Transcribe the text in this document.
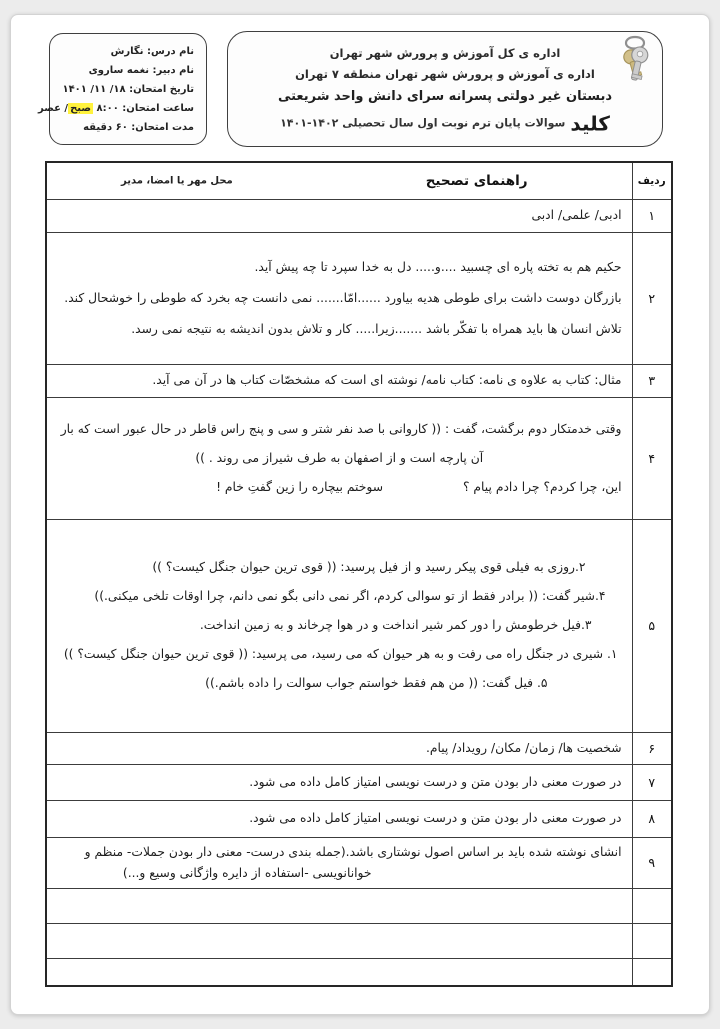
اداره ی کل آموزش و پرورش شهر تهران
اداره ی آموزش و پرورش شهر تهران منطقه ۷ تهران
دبستان غیر دولتی پسرانه سرای دانش واحد شریعتی
کلید سوالات پایان ترم نوبت اول سال تحصیلی ۱۴۰۲-۱۴۰۱
نام درس: نگارش
نام دبیر: نغمه ساروی
تاریخ امتحان: ۱۸/ ۱۱/ ۱۴۰۱
ساعت امتحان: ۸:۰۰ صبح/ عصر
مدت امتحان: ۶۰ دقیقه
ردیف	راهنمای تصحیح
محل مهر یا امضا، مدیر

۱	ادبی/ علمی/ ادبی

۲	حکیم هم به تخته پاره ای چسبید ....و..... دل به خدا سپرد تا چه پیش آید.
بازرگان دوست داشت برای طوطی هدیه بیاورد ......امّا....... نمی دانست چه بخرد که طوطی را خوشحال کند.
تلاش انسان ها باید همراه با تفکّر باشد .......زیرا..... کار و تلاش بدون اندیشه به نتیجه نمی رسد.

۳	مثال: کتاب به علاوه ی نامه: کتاب نامه/ نوشته ای است که مشخصّات کتاب ها در آن می آید.

۴	وقتی خدمتکار دوم برگشت، گفت : (( کاروانی با صد نفر شتر و سی و پنج راس قاطر در حال عبور است که بار
آن پارچه است و از اصفهان به طرف شیراز می روند . ))
این، چرا کردم؟ چرا دادم پیام ؟
سوختم بیچاره را زین گفتِ خام !

۵	۲.روزی به فیلی قوی پیکر رسید و از فیل پرسید: (( قوی ترین حیوان جنگل کیست؟ ))
۴.شیر گفت: (( برادر فقط از تو سوالی کردم، اگر نمی دانی بگو نمی دانم، چرا اوقات تلخی میکنی.))
۳.فیل خرطومش را دور کمر شیر انداخت و در هوا چرخاند و به زمین انداخت.
۱. شیری در جنگل راه می رفت و به هر حیوان که می رسید، می پرسید: (( قوی ترین حیوان جنگل کیست؟ ))
۵. فیل گفت: (( من هم فقط خواستم جواب سوالت را داده باشم.))

۶	شخصیت ها/ زمان/ مکان/ رویداد/ پیام.

۷	در صورت معنی دار بودن متن و درست نویسی امتیاز کامل داده می شود.

۸	در صورت معنی دار بودن متن و درست نویسی امتیاز کامل داده می شود.

۹	انشای نوشته شده باید بر اساس اصول نوشتاری باشد.(جمله بندی درست- معنی دار بودن جملات- منظم و
خوانانویسی -استفاده از دایره واژگانی وسیع و...)
